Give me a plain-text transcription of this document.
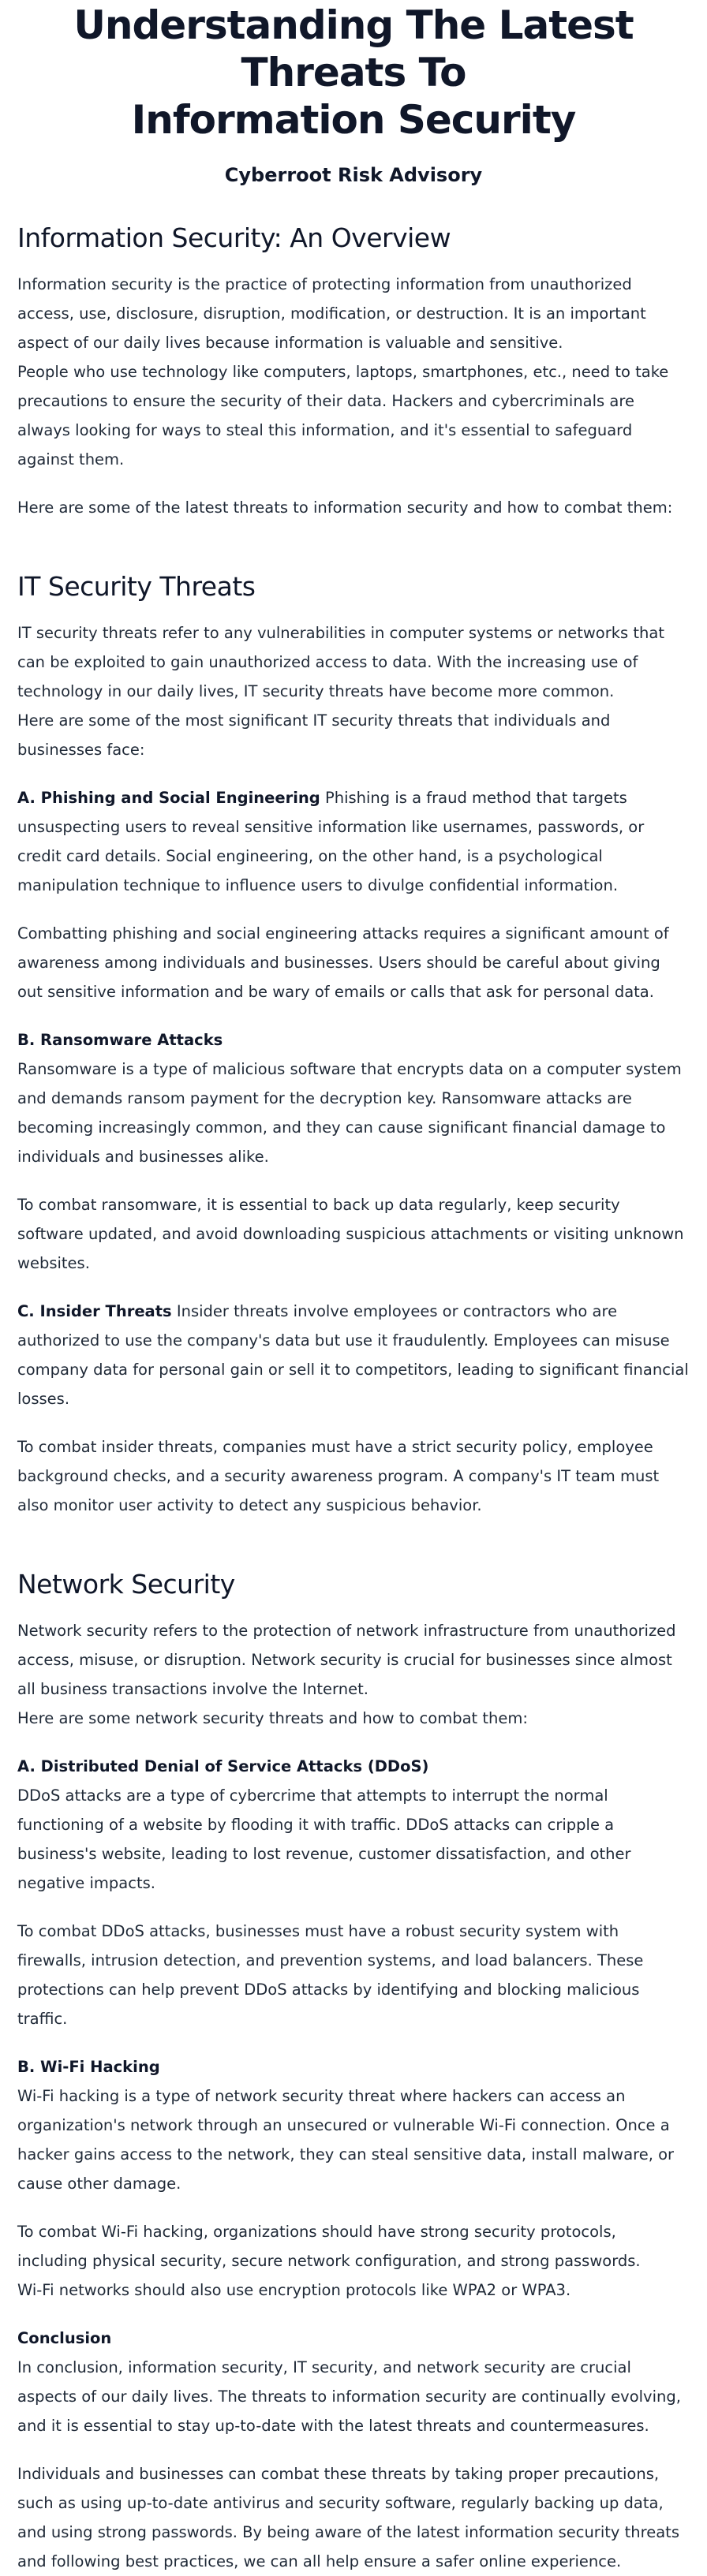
Understanding The Latest Threats To
Information Security
Cyberroot Risk Advisory
Information Security: An Overview

Information security is the practice of protecting information from unauthorized access, use, disclosure, disruption, modification, or destruction. It is an important aspect of our daily lives because information is valuable and sensitive.

People who use technology like computers, laptops, smartphones, etc., need to take precautions to ensure the security of their data. Hackers and cybercriminals are always looking for ways to steal this information, and it's essential to safeguard against them.

Here are some of the latest threats to information security and how to combat them:

IT Security Threats

IT security threats refer to any vulnerabilities in computer systems or networks that can be exploited to gain unauthorized access to data. With the increasing use of technology in our daily lives, IT security threats have become more common.

Here are some of the most significant IT security threats that individuals and businesses face:

A. Phishing and Social Engineering Phishing is a fraud method that targets unsuspecting users to reveal sensitive information like usernames, passwords, or credit card details. Social engineering, on the other hand, is a psychological manipulation technique to influence users to divulge confidential information.

Combatting phishing and social engineering attacks requires a significant amount of awareness among individuals and businesses. Users should be careful about giving out sensitive information and be wary of emails or calls that ask for personal data.

B. Ransomware Attacks

Ransomware is a type of malicious software that encrypts data on a computer system and demands ransom payment for the decryption key. Ransomware attacks are becoming increasingly common, and they can cause significant financial damage to individuals and businesses alike.

To combat ransomware, it is essential to back up data regularly, keep security software updated, and avoid downloading suspicious attachments or visiting unknown websites.

C. Insider Threats Insider threats involve employees or contractors who are authorized to use the company's data but use it fraudulently. Employees can misuse company data for personal gain or sell it to competitors, leading to significant financial losses.

To combat insider threats, companies must have a strict security policy, employee background checks, and a security awareness program. A company's IT team must also monitor user activity to detect any suspicious behavior.

Network Security

Network security refers to the protection of network infrastructure from unauthorized access, misuse, or disruption. Network security is crucial for businesses since almost all business transactions involve the Internet.

Here are some network security threats and how to combat them:

A. Distributed Denial of Service Attacks (DDoS)

DDoS attacks are a type of cybercrime that attempts to interrupt the normal functioning of a website by flooding it with traffic. DDoS attacks can cripple a business's website, leading to lost revenue, customer dissatisfaction, and other negative impacts.

To combat DDoS attacks, businesses must have a robust security system with firewalls, intrusion detection, and prevention systems, and load balancers. These protections can help prevent DDoS attacks by identifying and blocking malicious traffic.

B. Wi-Fi Hacking

Wi-Fi hacking is a type of network security threat where hackers can access an organization's network through an unsecured or vulnerable Wi-Fi connection. Once a hacker gains access to the network, they can steal sensitive data, install malware, or cause other damage.

To combat Wi-Fi hacking, organizations should have strong security protocols, including physical security, secure network configuration, and strong passwords.

Wi-Fi networks should also use encryption protocols like WPA2 or WPA3.

Conclusion

In conclusion, information security, IT security, and network security are crucial aspects of our daily lives. The threats to information security are continually evolving, and it is essential to stay up-to-date with the latest threats and countermeasures.

Individuals and businesses can combat these threats by taking proper precautions, such as using up-to-date antivirus and security software, regularly backing up data, and using strong passwords. By being aware of the latest information security threats and following best practices, we can all help ensure a safer online experience.
